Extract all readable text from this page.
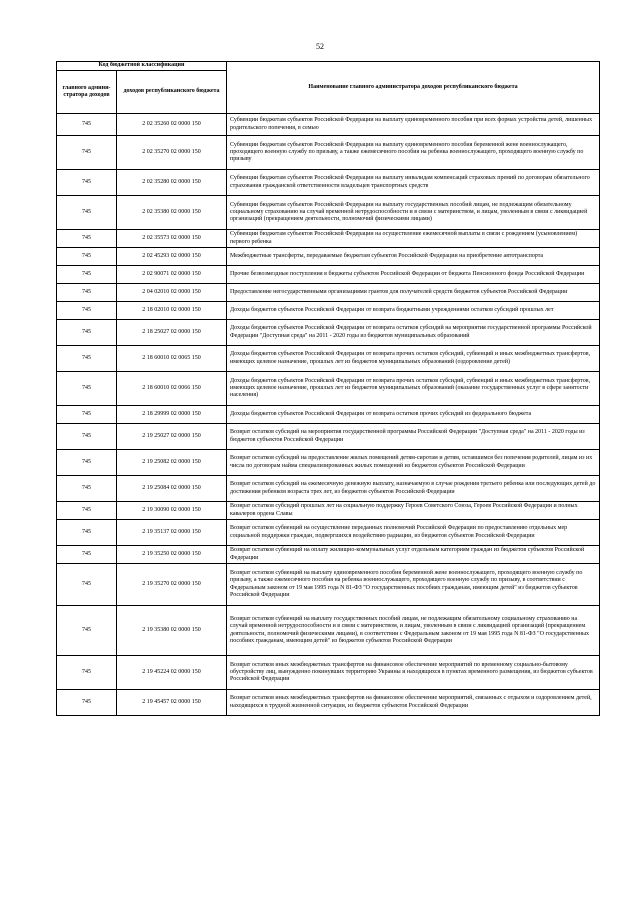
52
Код бюджетной классификации		Наименование главного администратора доходов республиканского бюджета
главного админи- стратора доходов	доходов республиканского бюджета	
745	2 02 35260 02 0000 150	Субвенции бюджетам субъектов Российской Федерации на выплату единовременного пособия при всех формах устройства детей, лишенных родительского попечения, в семью
745	2 02 35270 02 0000 150	Субвенции бюджетам субъектов Российской Федерации на выплату единовременного пособия беременной жене военнослужащего, проходящего военную службу по призыву, а также ежемесячного пособия на ребенка военнослужащего, проходящего военную службу по призыву
745	2 02 35280 02 0000 150	Субвенции бюджетам субъектов Российской Федерации на выплату инвалидам компенсаций страховых премий по договорам обязательного страхования гражданской ответственности владельцев транспортных средств
745	2 02 35380 02 0000 150	Субвенции бюджетам субъектов Российской Федерации на выплату государственных пособий лицам, не подлежащим обязательному социальному страхованию на случай временной нетрудоспособности и в связи с материнством, и лицам, уволенным в связи с ликвидацией организаций (прекращением деятельности, полномочий физическими лицами)
745	2 02 35573 02 0000 150	Субвенции бюджетам субъектов Российской Федерации на осуществление ежемесячной выплаты в связи с рождением (усыновлением) первого ребенка
745	2 02 45293 02 0000 150	Межбюджетные трансферты, передаваемые бюджетам субъектов Российской Федерации на приобретение автотранспорта
745	2 02 90071 02 0000 150	Прочие безвозмездные поступления в бюджеты субъектов Российской Федерации от бюджета Пенсионного фонда Российской Федерации
745	2 04 02010 02 0000 150	Предоставление негосударственными организациями грантов для получателей средств бюджетов субъектов Российской Федерации
745	2 18 02010 02 0000 150	Доходы бюджетов субъектов Российской Федерации от возврата бюджетными учреждениями остатков субсидий прошлых лет
745	2 18 25027 02 0000 150	Доходы бюджетов субъектов Российской Федерации от возврата остатков субсидий на мероприятия государственной программы Российской Федерации "Доступная среда" на 2011 - 2020 годы из бюджетов муниципальных образований
745	2 18 60010 02 0065 150	Доходы бюджетов субъектов Российской Федерации от возврата прочих остатков субсидий, субвенций и иных межбюджетных трансфертов, имеющих целевое назначение, прошлых лет из бюджетов муниципальных образований (оздоровление детей)
745	2 18 60010 02 0066 150	Доходы бюджетов субъектов Российской Федерации от возврата прочих остатков субсидий, субвенций и иных межбюджетных трансфертов, имеющих целевое назначение, прошлых лет из бюджетов муниципальных образований (оказание государственных услуг в сфере занятости населения)
745	2 18 29999 02 0000 150	Доходы бюджетов субъектов Российской Федерации от возврата остатков прочих субсидий из федерального бюджета
745	2 19 25027 02 0000 150	Возврат остатков субсидий на мероприятия государственной программы Российской Федерации "Доступная среда" на 2011 - 2020 годы из бюджетов субъектов Российской Федерации
745	2 19 25082 02 0000 150	Возврат остатков субсидий на предоставление жилых помещений детям-сиротам и детям, оставшимся без попечения родителей, лицам из их числа по договорам найма специализированных жилых помещений из бюджетов субъектов Российской Федерации
745	2 19 25084 02 0000 150	Возврат остатков субсидий на ежемесячную денежную выплату, назначаемую в случае рождения третьего ребенка или последующих детей до достижения ребенком возраста трех лет, из бюджетов субъектов Российской Федерации
745	2 19 30090 02 0000 150	Возврат остатков субсидий прошлых лет на социальную поддержку Героев Советского Союза, Героев Российской Федерации и полных кавалеров ордена Славы
745	2 19 35137 02 0000 150	Возврат остатков субвенций на осуществление переданных полномочий Российской Федерации по предоставлению отдельных мер социальной поддержки граждан, подвергшихся воздействию радиации, из бюджетов субъектов Российской Федерации
745	2 19 35250 02 0000 150	Возврат остатков субвенций на оплату жилищно-коммунальных услуг отдельным категориям граждан из бюджетов субъектов Российской Федерации
745	2 19 35270 02 0000 150	Возврат остатков субвенций на выплату единовременного пособия беременной жене военнослужащего, проходящего военную службу по призыву, а также ежемесячного пособия на ребенка военнослужащего, проходящего военную службу по призыву, в соответствии с Федеральным законом от 19 мая 1995 года N 81-ФЗ "О государственных пособиях гражданам, имеющим детей" из бюджетов субъектов Российской Федерации
745	2 19 35380 02 0000 150	Возврат остатков субвенций на выплату государственных пособий лицам, не подлежащим обязательному социальному страхованию на случай временной нетрудоспособности и в связи с материнством, и лицам, уволенным в связи с ликвидацией организаций (прекращением деятельности, полномочий физическими лицами), в соответствии с Федеральным законом от 19 мая 1995 года N 81-ФЗ "О государственных пособиях гражданам, имеющим детей" из бюджетов субъектов Российской Федерации
745	2 19 45224 02 0000 150	Возврат остатков иных межбюджетных трансфертов на финансовое обеспечение мероприятий по временному социально-бытовому обустройству лиц, вынужденно покинувших территорию Украины и находящихся в пунктах временного размещения, из бюджетов субъектов Российской Федерации
745	2 19 45457 02 0000 150	Возврат остатков иных межбюджетных трансфертов на финансовое обеспечение мероприятий, связанных с отдыхом и оздоровлением детей, находящихся в трудной жизненной ситуации, из бюджетов субъектов Российской Федерации
